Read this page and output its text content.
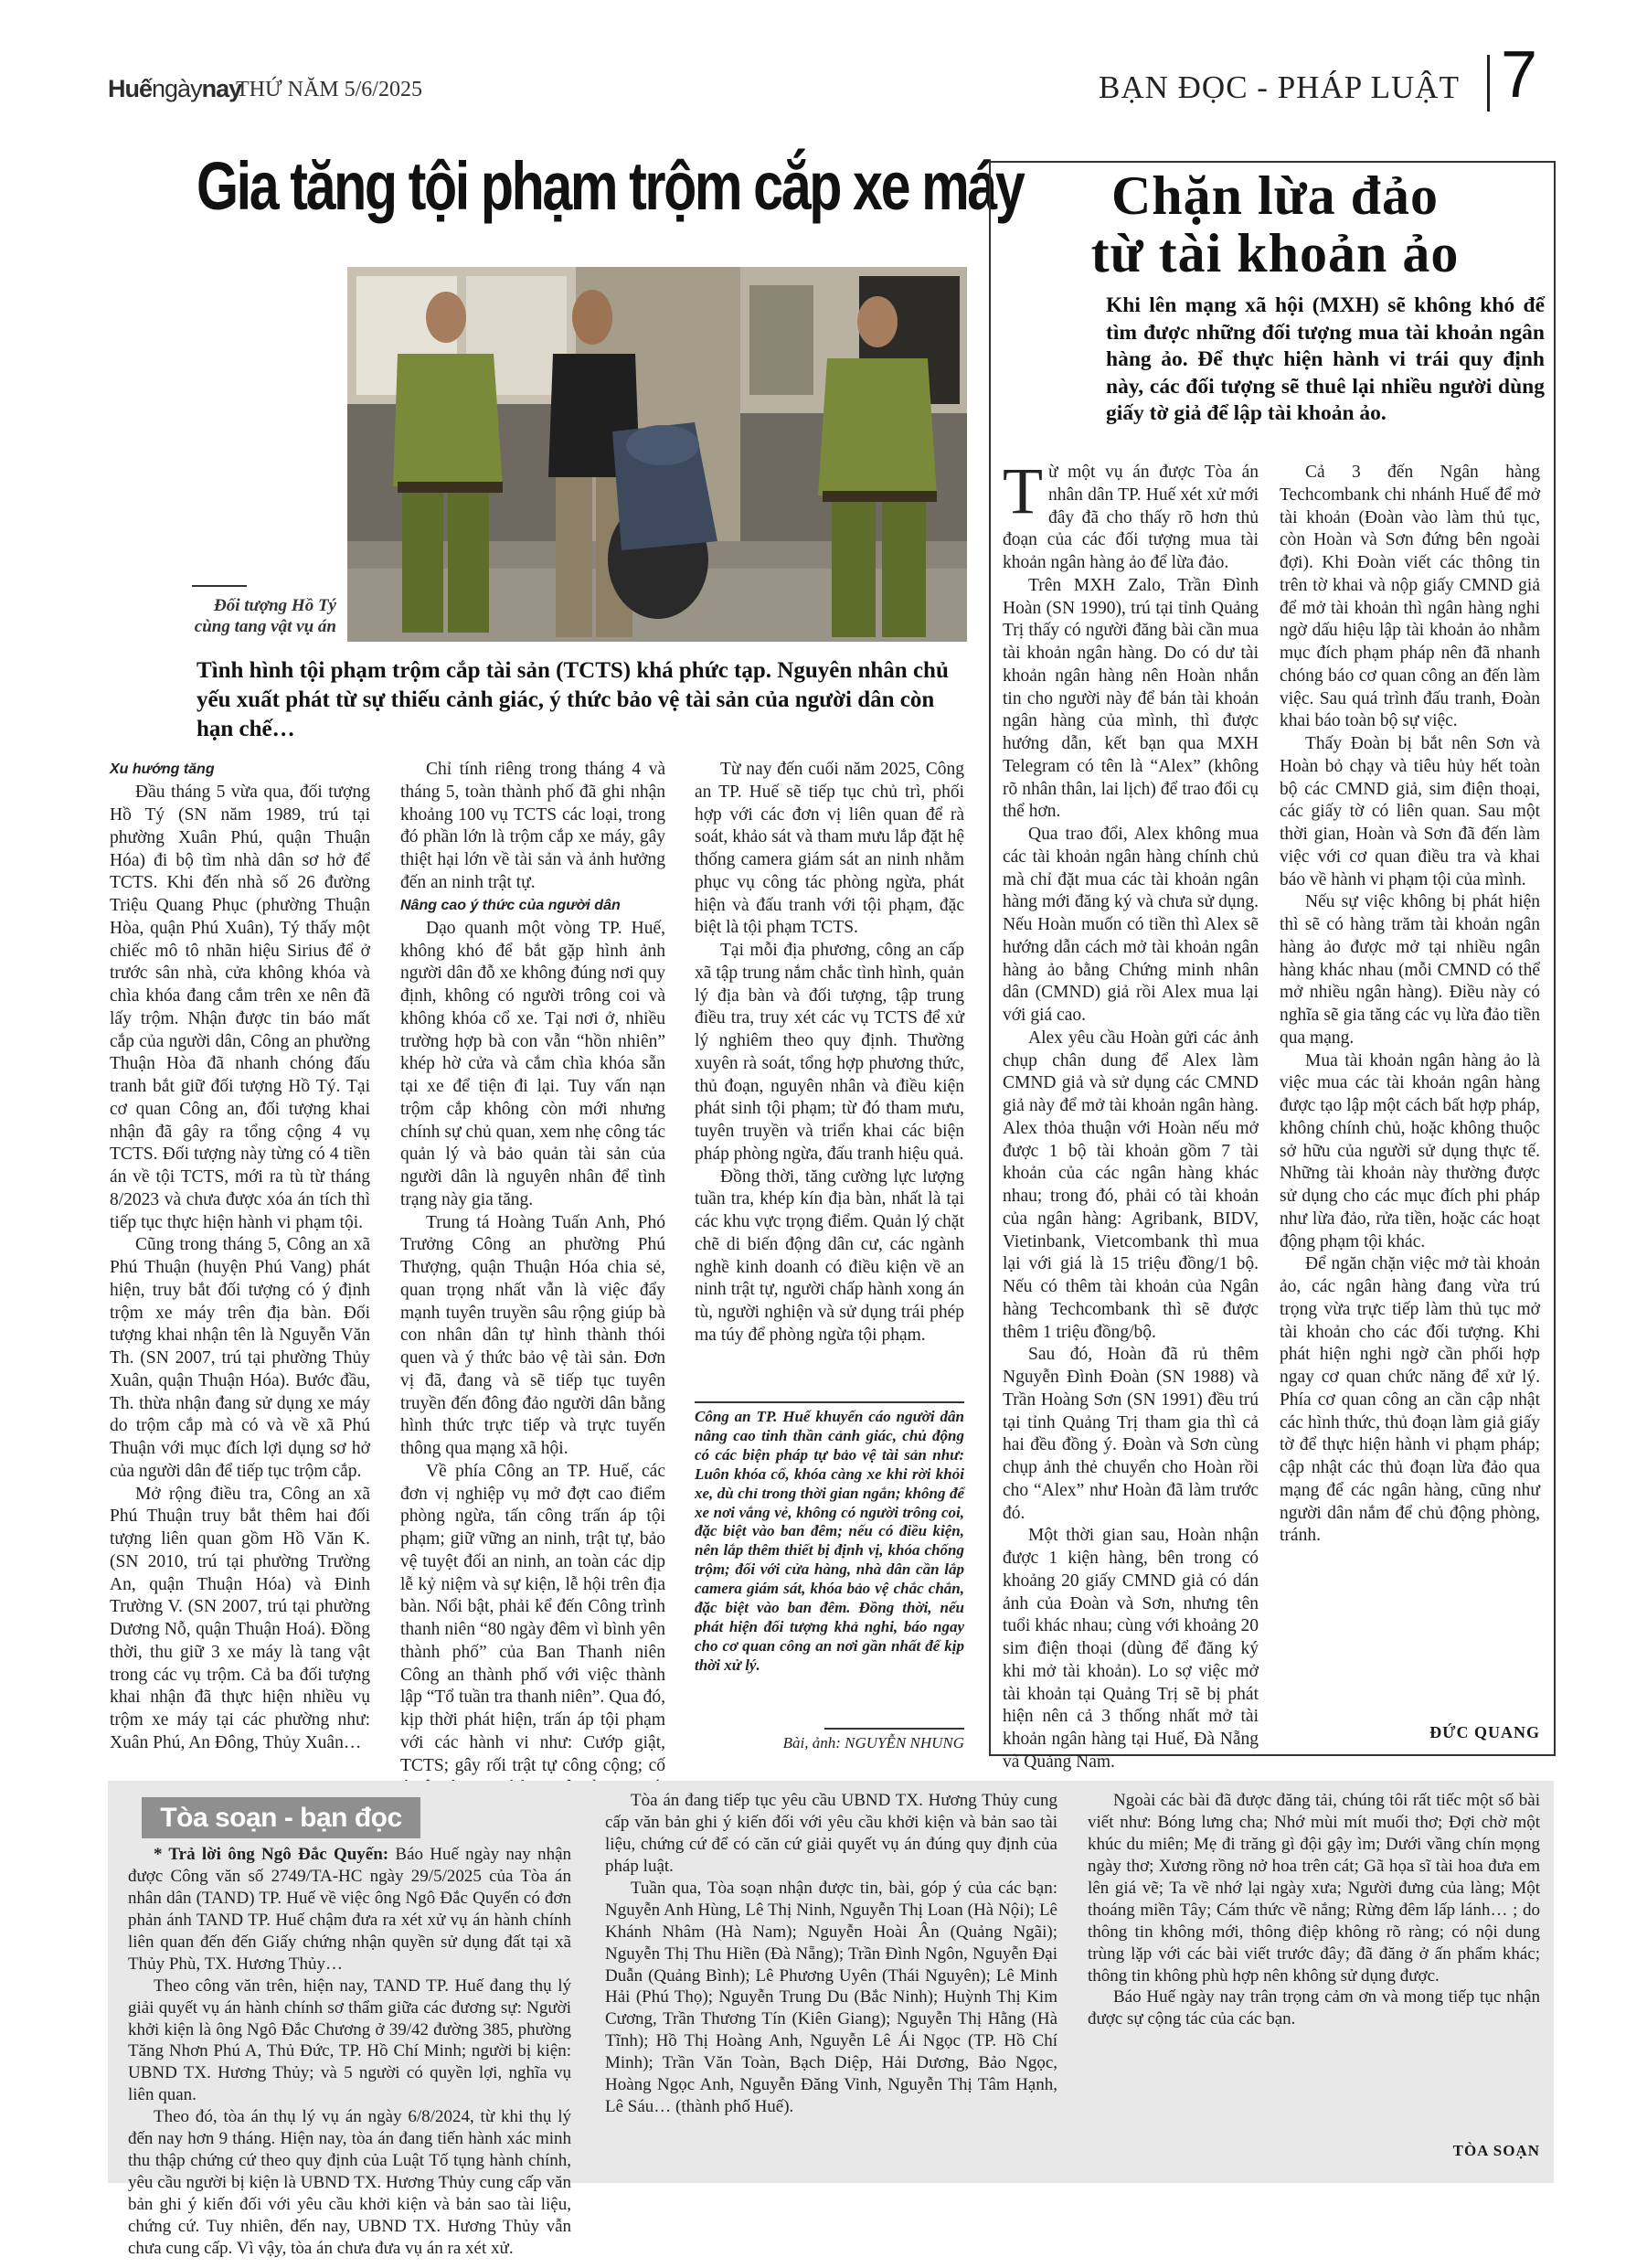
Huếngàynay
THỨ NĂM 5/6/2025	BẠN ĐỌC - PHÁP LUẬT 7
Gia tăng tội phạm trộm cắp xe máy
Đối tượng Hồ Tý
cùng tang vật vụ án
Tình hình tội phạm trộm cắp tài sản (TCTS) khá phức tạp. Nguyên nhân chủ yếu xuất phát từ sự thiếu cảnh giác, ý thức bảo vệ tài sản của người dân còn hạn chế…

Xu hướng tăng

Đầu tháng 5 vừa qua, đối tượng Hồ Tý (SN năm 1989, trú tại phường Xuân Phú, quận Thuận Hóa) đi bộ tìm nhà dân sơ hở để TCTS. Khi đến nhà số 26 đường Triệu Quang Phục (phường Thuận Hòa, quận Phú Xuân), Tý thấy một chiếc mô tô nhãn hiệu Sirius để ở trước sân nhà, cửa không khóa và chìa khóa đang cắm trên xe nên đã lấy trộm. Nhận được tin báo mất cắp của người dân, Công an phường Thuận Hòa đã nhanh chóng đấu tranh bắt giữ đối tượng Hồ Tý. Tại cơ quan Công an, đối tượng khai nhận đã gây ra tổng cộng 4 vụ TCTS. Đối tượng này từng có 4 tiền án về tội TCTS, mới ra tù từ tháng 8/2023 và chưa được xóa án tích thì tiếp tục thực hiện hành vi phạm tội.

Cũng trong tháng 5, Công an xã Phú Thuận (huyện Phú Vang) phát hiện, truy bắt đối tượng có ý định trộm xe máy trên địa bàn. Đối tượng khai nhận tên là Nguyễn Văn Th. (SN 2007, trú tại phường Thủy Xuân, quận Thuận Hóa). Bước đầu, Th. thừa nhận đang sử dụng xe máy do trộm cắp mà có và về xã Phú Thuận với mục đích lợi dụng sơ hở của người dân để tiếp tục trộm cắp.

Mở rộng điều tra, Công an xã Phú Thuận truy bắt thêm hai đối tượng liên quan gồm Hồ Văn K. (SN 2010, trú tại phường Trường An, quận Thuận Hóa) và Đinh Trường V. (SN 2007, trú tại phường Dương Nỗ, quận Thuận Hoá). Đồng thời, thu giữ 3 xe máy là tang vật trong các vụ trộm. Cả ba đối tượng khai nhận đã thực hiện nhiều vụ trộm xe máy tại các phường như: Xuân Phú, An Đông, Thủy Xuân…

Chỉ tính riêng trong tháng 4 và tháng 5, toàn thành phố đã ghi nhận khoảng 100 vụ TCTS các loại, trong đó phần lớn là trộm cắp xe máy, gây thiệt hại lớn về tài sản và ảnh hưởng đến an ninh trật tự.

Nâng cao ý thức của người dân

Dạo quanh một vòng TP. Huế, không khó để bắt gặp hình ảnh người dân đỗ xe không đúng nơi quy định, không có người trông coi và không khóa cổ xe. Tại nơi ở, nhiều trường hợp bà con vẫn “hồn nhiên” khép hờ cửa và cắm chìa khóa sẵn tại xe để tiện đi lại. Tuy vấn nạn trộm cắp không còn mới nhưng chính sự chủ quan, xem nhẹ công tác quản lý và bảo quản tài sản của người dân là nguyên nhân để tình trạng này gia tăng.

Trung tá Hoàng Tuấn Anh, Phó Trưởng Công an phường Phú Thượng, quận Thuận Hóa chia sẻ, quan trọng nhất vẫn là việc đẩy mạnh tuyên truyền sâu rộng giúp bà con nhân dân tự hình thành thói quen và ý thức bảo vệ tài sản. Đơn vị đã, đang và sẽ tiếp tục tuyên truyền đến đông đảo người dân bằng hình thức trực tiếp và trực tuyến thông qua mạng xã hội.

Về phía Công an TP. Huế, các đơn vị nghiệp vụ mở đợt cao điểm phòng ngừa, tấn công trấn áp tội phạm; giữ vững an ninh, trật tự, bảo vệ tuyệt đối an ninh, an toàn các dịp lễ kỷ niệm và sự kiện, lễ hội trên địa bàn. Nổi bật, phải kể đến Công trình thanh niên “80 ngày đêm vì bình yên thành phố” của Ban Thanh niên Công an thành phố với việc thành lập “Tổ tuần tra thanh niên”. Qua đó, kịp thời phát hiện, trấn áp tội phạm với các hành vi như: Cướp giật, TCTS; gây rối trật tự công cộng; cố

Từ nay đến cuối năm 2025, Công an TP. Huế sẽ tiếp tục chủ trì, phối hợp với các đơn vị liên quan để rà soát, khảo sát và tham mưu lắp đặt hệ thống camera giám sát an ninh nhằm phục vụ công tác phòng ngừa, phát hiện và đấu tranh với tội phạm, đặc biệt là tội phạm TCTS.

Tại mỗi địa phương, công an cấp xã tập trung nắm chắc tình hình, quản lý địa bàn và đối tượng, tập trung điều tra, truy xét các vụ TCTS để xử lý nghiêm theo quy định. Thường xuyên rà soát, tổng hợp phương thức, thủ đoạn, nguyên nhân và điều kiện phát sinh tội phạm; từ đó tham mưu, tuyên truyền và triển khai các biện pháp phòng ngừa, đấu tranh hiệu quả.

Đồng thời, tăng cường lực lượng tuần tra, khép kín địa bàn, nhất là tại các khu vực trọng điểm. Quản lý chặt chẽ di biến động dân cư, các ngành nghề kinh doanh có điều kiện về an ninh trật tự, người chấp hành xong án tù, người nghiện và sử dụng trái phép ma túy để phòng ngừa tội phạm.

Công an TP. Huế khuyến cáo người dân nâng cao tinh thần cảnh giác, chủ động có các biện pháp tự bảo vệ tài sản như: Luôn khóa cổ, khóa càng xe khi rời khỏi xe, dù chỉ trong thời gian ngắn; không để xe nơi vắng vẻ, không có người trông coi, đặc biệt vào ban đêm; nếu có điều kiện, nên lắp thêm thiết bị định vị, khóa chống trộm; đối với cửa hàng, nhà dân cần lắp camera giám sát, khóa bảo vệ chắc chắn, đặc biệt vào ban đêm. Đồng thời, nếu phát hiện đối tượng khả nghi, báo ngay cho cơ quan công an nơi gần nhất để kịp thời xử lý.
Bài, ảnh: NGUYỄN NHUNG
Chặn lừa đảo
từ tài khoản ảo
Khi lên mạng xã hội (MXH) sẽ không khó để tìm được những đối tượng mua tài khoản ngân hàng ảo. Để thực hiện hành vi trái quy định này, các đối tượng sẽ thuê lại nhiều người dùng giấy tờ giả để lập tài khoản ảo.

Từ một vụ án được Tòa án nhân dân TP. Huế xét xử mới đây đã cho thấy rõ hơn thủ đoạn của các đối tượng mua tài khoản ngân hàng ảo để lừa đảo.

Trên MXH Zalo, Trần Đình Hoàn (SN 1990), trú tại tỉnh Quảng Trị thấy có người đăng bài cần mua tài khoản ngân hàng. Do có dư tài khoản ngân hàng nên Hoàn nhắn tin cho người này để bán tài khoản ngân hàng của mình, thì được hướng dẫn, kết bạn qua MXH Telegram có tên là “Alex” (không rõ nhân thân, lai lịch) để trao đổi cụ thể hơn.

Qua trao đổi, Alex không mua các tài khoản ngân hàng chính chủ mà chỉ đặt mua các tài khoản ngân hàng mới đăng ký và chưa sử dụng. Nếu Hoàn muốn có tiền thì Alex sẽ hướng dẫn cách mở tài khoản ngân hàng ảo bằng Chứng minh nhân dân (CMND) giả rồi Alex mua lại với giá cao.

Alex yêu cầu Hoàn gửi các ảnh chụp chân dung để Alex làm CMND giả và sử dụng các CMND giả này để mở tài khoản ngân hàng. Alex thỏa thuận với Hoàn nếu mở được 1 bộ tài khoản gồm 7 tài khoản của các ngân hàng khác nhau; trong đó, phải có tài khoản của ngân hàng: Agribank, BIDV, Vietinbank, Vietcombank thì mua lại với giá là 15 triệu đồng/1 bộ. Nếu có thêm tài khoản của Ngân hàng Techcombank thì sẽ được thêm 1 triệu đồng/bộ.

Sau đó, Hoàn đã rủ thêm Nguyễn Đình Đoàn (SN 1988) và Trần Hoàng Sơn (SN 1991) đều trú tại tỉnh Quảng Trị tham gia thì cả hai đều đồng ý. Đoàn và Sơn cùng chụp ảnh thẻ chuyển cho Hoàn rồi cho “Alex” như Hoàn đã làm trước đó.

Một thời gian sau, Hoàn nhận được 1 kiện hàng, bên trong có khoảng 20 giấy CMND giả có dán ảnh của Đoàn và Sơn, nhưng tên tuổi khác nhau; cùng với khoảng 20 sim điện thoại (dùng để đăng ký khi mở tài khoản). Lo sợ việc mở tài khoản tại Quảng Trị sẽ bị phát hiện nên cả 3 thống nhất mở tài khoản ngân hàng tại Huế, Đà Nẵng và Quảng Nam.

Cả 3 đến Ngân hàng Techcombank chi nhánh Huế để mở tài khoản (Đoàn vào làm thủ tục, còn Hoàn và Sơn đứng bên ngoài đợi). Khi Đoàn viết các thông tin trên tờ khai và nộp giấy CMND giả để mở tài khoản thì ngân hàng nghi ngờ dấu hiệu lập tài khoản ảo nhằm mục đích phạm pháp nên đã nhanh chóng báo cơ quan công an đến làm việc. Sau quá trình đấu tranh, Đoàn khai báo toàn bộ sự việc.

Thấy Đoàn bị bắt nên Sơn và Hoàn bỏ chạy và tiêu hủy hết toàn bộ các CMND giả, sim điện thoại, các giấy tờ có liên quan. Sau một thời gian, Hoàn và Sơn đã đến làm việc với cơ quan điều tra và khai báo về hành vi phạm tội của mình.

Nếu sự việc không bị phát hiện thì sẽ có hàng trăm tài khoản ngân hàng ảo được mở tại nhiều ngân hàng khác nhau (mỗi CMND có thể mở nhiều ngân hàng). Điều này có nghĩa sẽ gia tăng các vụ lừa đảo tiền qua mạng.

Mua tài khoản ngân hàng ảo là việc mua các tài khoản ngân hàng được tạo lập một cách bất hợp pháp, không chính chủ, hoặc không thuộc sở hữu của người sử dụng thực tế. Những tài khoản này thường được sử dụng cho các mục đích phi pháp như lừa đảo, rửa tiền, hoặc các hoạt động phạm tội khác.

Để ngăn chặn việc mở tài khoản ảo, các ngân hàng đang vừa trú trọng vừa trực tiếp làm thủ tục mở tài khoản cho các đối tượng. Khi phát hiện nghi ngờ cần phối hợp ngay cơ quan chức năng để xử lý. Phía cơ quan công an cần cập nhật các hình thức, thủ đoạn làm giả giấy tờ để thực hiện hành vi phạm pháp; cập nhật các thủ đoạn lừa đảo qua mạng để các ngân hàng, cũng như người dân nắm để chủ động phòng, tránh.

ĐỨC QUANG
Tòa soạn - bạn đọc

* Trả lời ông Ngô Đắc Quyến: Báo Huế ngày nay nhận được Công văn số 2749/TA-HC ngày 29/5/2025 của Tòa án nhân dân (TAND) TP. Huế về việc ông Ngô Đắc Quyến có đơn phản ánh TAND TP. Huế chậm đưa ra xét xử vụ án hành chính liên quan đến đến Giấy chứng nhận quyền sử dụng đất tại xã Thủy Phù, TX. Hương Thủy…

Theo công văn trên, hiện nay, TAND TP. Huế đang thụ lý giải quyết vụ án hành chính sơ thẩm giữa các đương sự: Người khởi kiện là ông Ngô Đắc Chương ở 39/42 đường 385, phường Tăng Nhơn Phú A, Thủ Đức, TP. Hồ Chí Minh; người bị kiện: UBND TX. Hương Thủy; và 5 người có quyền lợi, nghĩa vụ liên quan.

Theo đó, tòa án thụ lý vụ án ngày 6/8/2024, từ khi thụ lý đến nay hơn 9 tháng. Hiện nay, tòa án đang tiến hành xác minh thu thập chứng cứ theo quy định của Luật Tố tụng hành chính, yêu cầu người bị kiện là UBND TX. Hương Thủy cung cấp văn bản ghi ý kiến đối với yêu cầu khởi kiện và bản sao tài liệu, chứng cứ. Tuy nhiên, đến nay, UBND TX. Hương Thủy vẫn chưa cung cấp. Vì vậy, tòa án chưa đưa vụ án ra xét xử.

Tòa án đang tiếp tục yêu cầu UBND TX. Hương Thủy cung cấp văn bản ghi ý kiến đối với yêu cầu khởi kiện và bản sao tài liệu, chứng cứ để có căn cứ giải quyết vụ án đúng quy định của pháp luật.

Tuần qua, Tòa soạn nhận được tin, bài, góp ý của các bạn: Nguyễn Anh Hùng, Lê Thị Ninh, Nguyễn Thị Loan (Hà Nội); Lê Khánh Nhâm (Hà Nam); Nguyễn Hoài Ân (Quảng Ngãi); Nguyễn Thị Thu Hiền (Đà Nẵng); Trần Đình Ngôn, Nguyễn Đại Duẫn (Quảng Bình); Lê Phương Uyên (Thái Nguyên); Lê Minh Hải (Phú Thọ); Nguyễn Trung Du (Bắc Ninh); Huỳnh Thị Kim Cương, Trần Thương Tín (Kiên Giang); Nguyễn Thị Hằng (Hà Tĩnh); Hồ Thị Hoàng Anh, Nguyễn Lê Ái Ngọc (TP. Hồ Chí Minh); Trần Văn Toàn, Bạch Diệp, Hải Dương, Bảo Ngọc, Hoàng Ngọc Anh, Nguyễn Đăng Vinh, Nguyễn Thị Tâm Hạnh, Lê Sáu… (thành phố Huế).

Ngoài các bài đã được đăng tải, chúng tôi rất tiếc một số bài viết như: Bóng lưng cha; Nhớ mùi mít muối thơ; Đợi chờ một khúc du miên; Mẹ đi trăng gì đội gậy ìm; Dưới vầng chín mọng ngày thơ; Xương rồng nở hoa trên cát; Gã họa sĩ tài hoa đưa em lên giá vẽ; Ta về nhớ lại ngày xưa; Người đưng của làng; Một thoáng miền Tây; Cám thức về nắng; Rừng đêm lấp lánh… ; do thông tin không mới, thông điệp không rõ ràng; có nội dung trùng lặp với các bài viết trước đây; đã đăng ở ấn phẩm khác; thông tin không phù hợp nên không sử dụng được.

Báo Huế ngày nay trân trọng cảm ơn và mong tiếp tục nhận được sự cộng tác của các bạn.

TÒA SOẠN
